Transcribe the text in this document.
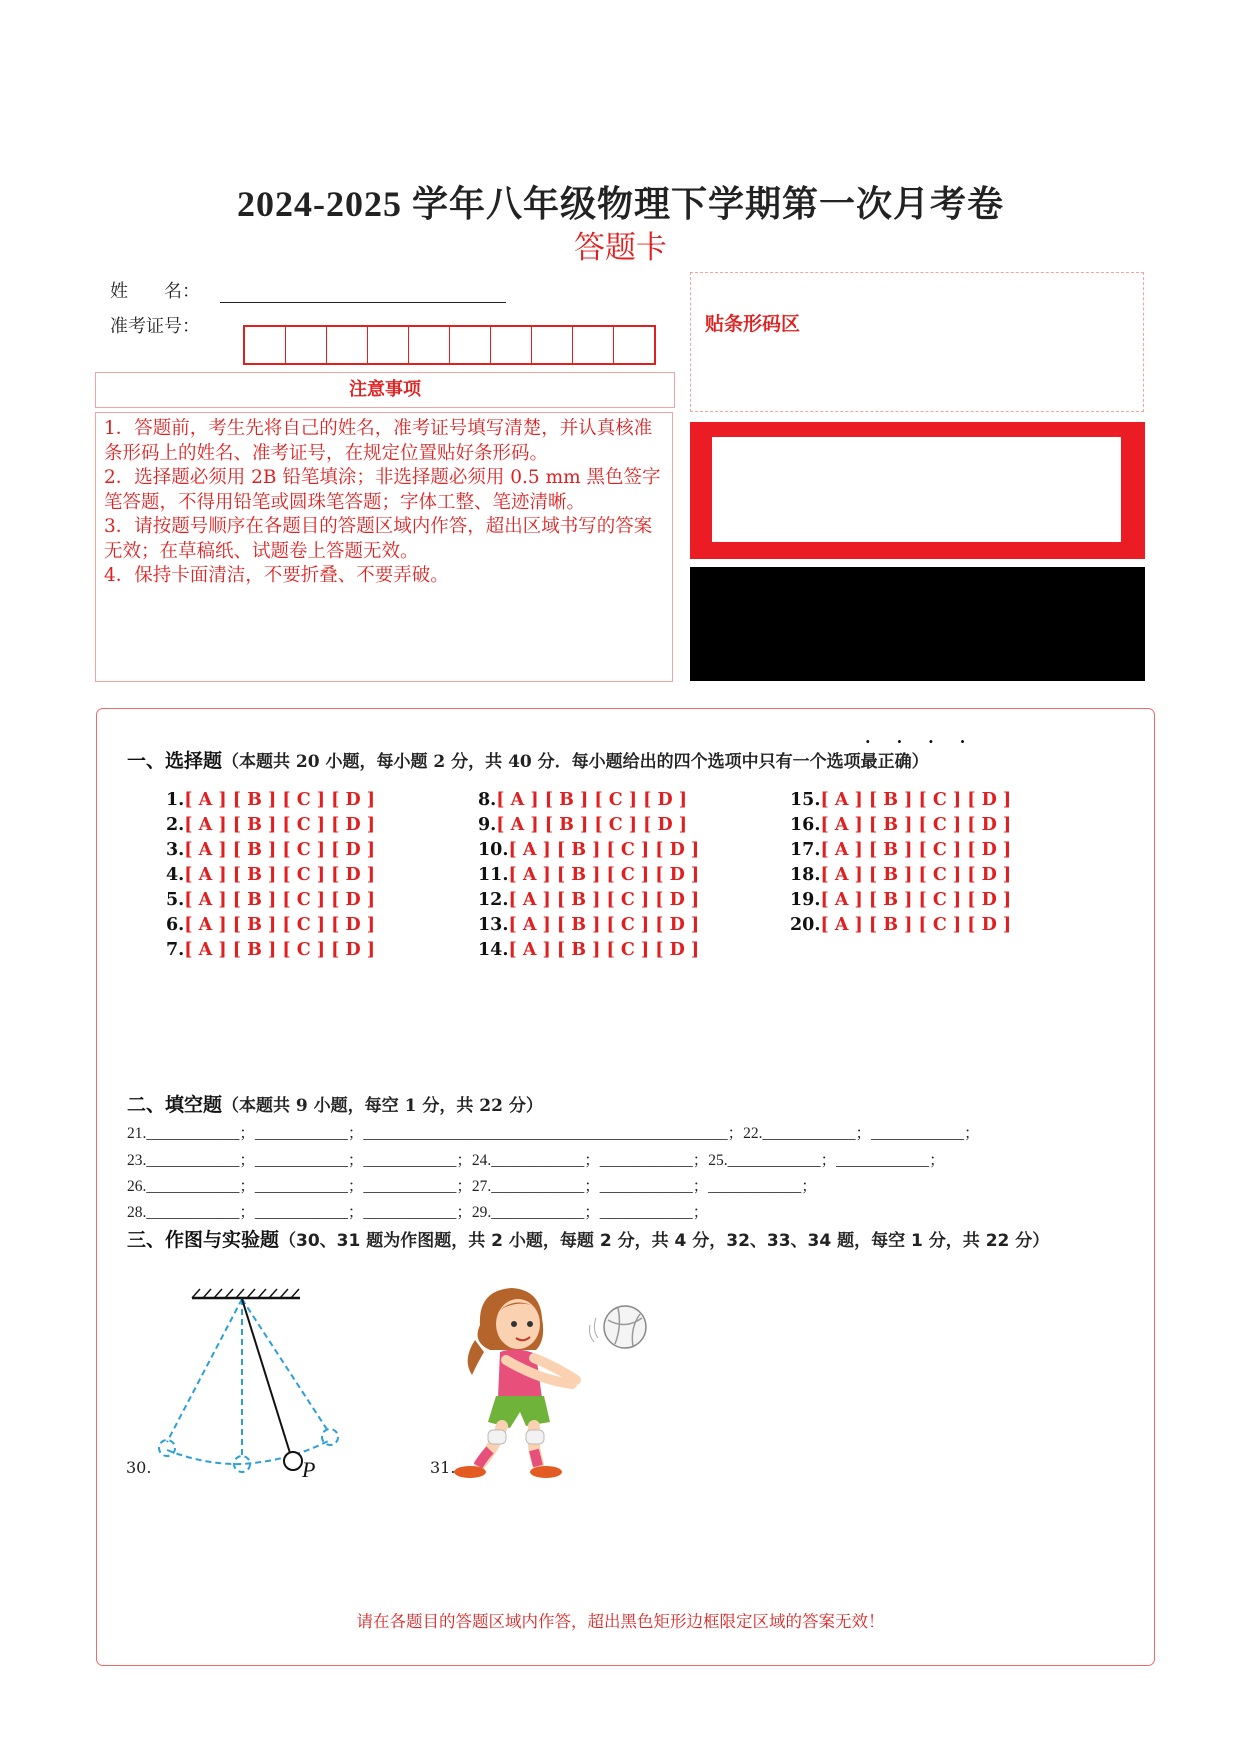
2024-2025 学年八年级物理下学期第一次月考卷
答题卡
姓　　名：
准考证号：
注意事项

1．答题前，考生先将自己的姓名，准考证号填写清楚，并认真核准条形码上的姓名、准考证号，在规定位置贴好条形码。

2．选择题必须用 2B 铅笔填涂；非选择题必须用 0.5 mm 黑色签字笔答题，不得用铅笔或圆珠笔答题；字体工整、笔迹清晰。

3．请按题号顺序在各题目的答题区域内作答，超出区域书写的答案无效；在草稿纸、试题卷上答题无效。

4．保持卡面清洁，不要折叠、不要弄破。

贴条形码区
一、选择题（本题共 20 小题，每小题 2 分，共 40 分．每小题给出的四个选项中只有一个选项最正确）
····
1.[ A ] [ B ] [ C ] [ D ]
2.[ A ] [ B ] [ C ] [ D ]
3.[ A ] [ B ] [ C ] [ D ]
4.[ A ] [ B ] [ C ] [ D ]
5.[ A ] [ B ] [ C ] [ D ]
6.[ A ] [ B ] [ C ] [ D ]
7.[ A ] [ B ] [ C ] [ D ]
8.[ A ] [ B ] [ C ] [ D ]
9.[ A ] [ B ] [ C ] [ D ]
10.[ A ] [ B ] [ C ] [ D ]
11.[ A ] [ B ] [ C ] [ D ]
12.[ A ] [ B ] [ C ] [ D ]
13.[ A ] [ B ] [ C ] [ D ]
14.[ A ] [ B ] [ C ] [ D ]
15.[ A ] [ B ] [ C ] [ D ]
16.[ A ] [ B ] [ C ] [ D ]
17.[ A ] [ B ] [ C ] [ D ]
18.[ A ] [ B ] [ C ] [ D ]
19.[ A ] [ B ] [ C ] [ D ]
20.[ A ] [ B ] [ C ] [ D ]
二、填空题（本题共 9 小题，每空 1 分，共 22 分）
21.____________；____________；_______________________________________________；22.____________；____________；
23.____________；____________；____________；24.____________；____________；25.____________；____________；
26.____________；____________；____________；27.____________；____________；____________；
28.____________；____________；____________；29.____________；____________；
三、作图与实验题（30、31 题为作图题，共 2 小题，每题 2 分，共 4 分，32、33、34 题，每空 1 分，共 22 分）
P
30.	31.
请在各题目的答题区域内作答，超出黑色矩形边框限定区域的答案无效！
